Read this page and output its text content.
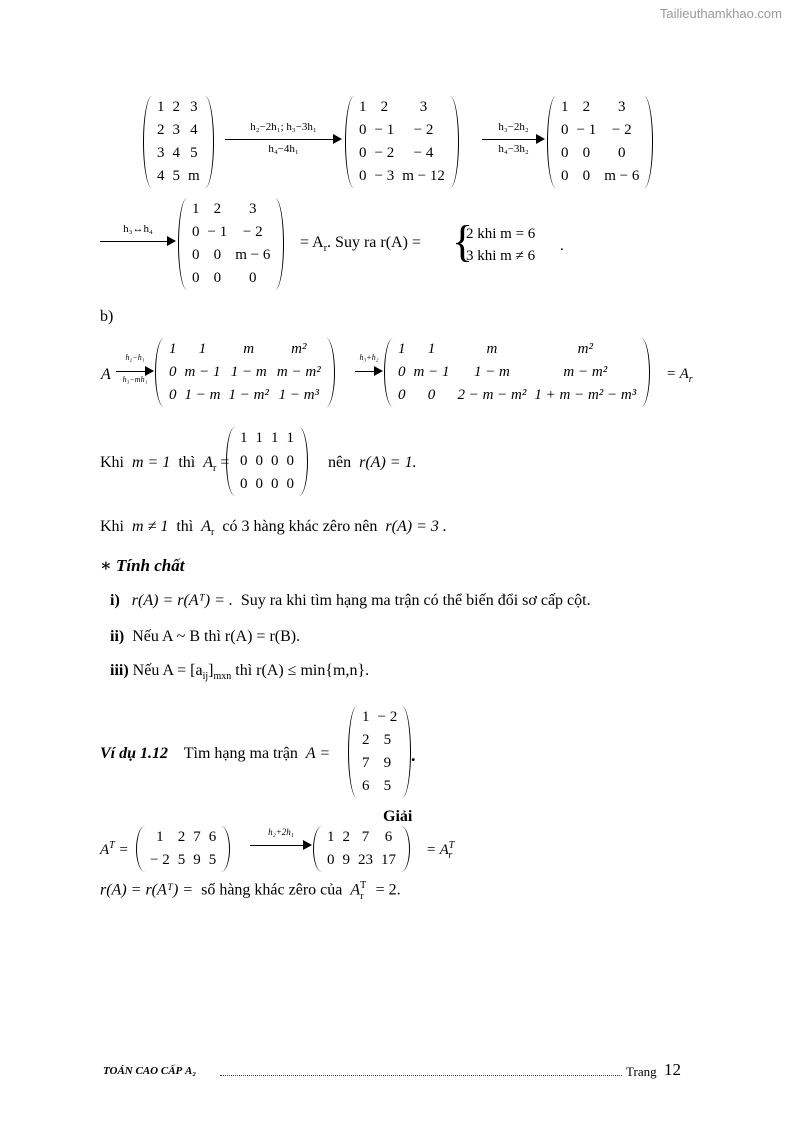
Tailieuthamkhao.com
1	2	3
2	3	4
3	4	5
4	5	m
h₂−2h₁; h₃−3h₁
h₄−4h₁
1	2	3
0	− 1	− 2
0	− 2	− 4
0	− 3	m − 12
h₃−2h₂
h₄−3h₂
1	2	3
0	− 1	− 2
0	0	0
0	0	m − 6
h₃↔h₄
1	2	3
0	− 1	− 2
0	0	m − 6
0	0	0
= $A_r$. Suy ra r(A) = {
2 khi m = 6
3 khi m ≠ 6
.
b)
A
h₂−h₁
h₃−mh₁
1	1	m	m²
0	m − 1	1 − m	m − m²
0	1 − m	1 − m²	1 − m³
h₃+h₂
1	1	m	m²
0	m − 1	1 − m	m − m²
0	0	2 − m − m²	1 + m − m² − m³
= $A_r$
Khi m = 1 thì $A_r$ =
1	1	1	1
0	0	0	0
0	0	0	0
nên r(A) = 1.
Khi m ≠ 1 thì $A_r$ có 3 hàng khác zêro nên r(A) = 3 .
∗ Tính chất
i) r(A) = r(Aᵀ) = . Suy ra khi tìm hạng ma trận có thể biến đổi sơ cấp cột.
ii) Nếu A ~ B thì r(A) = r(B).
iii) Nếu $A = [a_{ij}]_{mxn}$ thì r(A) ≤ min{m,n}.
Ví dụ 1.12 Tìm hạng ma trận A =
1	− 2
2	5
7	9
6	5
.
Giải
$A^T$ =
1	2	7	6
− 2	5	9	5
h₂+2h₁	1	2	7	6
0	9	23	17
= $A^T_r$
r(A) = r(Aᵀ) = số hàng khác zêro của $A^T_r = 2$.
TOÁN CAO CẤP A₂	Trang 12
